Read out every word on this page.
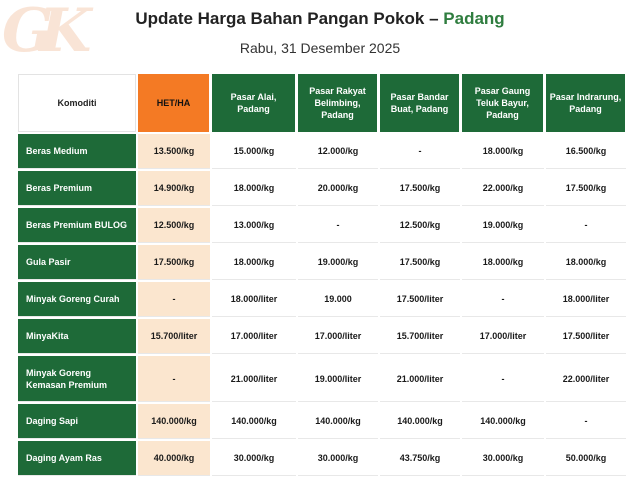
GK	Update Harga Bahan Pangan Pokok – Padang
Rabu, 31 Desember 2025
Komoditi	HET/HA	Pasar Alai, Padang	Pasar Rakyat Belimbing, Padang	Pasar Bandar Buat, Padang	Pasar Gaung Teluk Bayur, Padang	Pasar Indrarung, Padang
Beras Medium	13.500/kg	15.000/kg	12.000/kg	-	18.000/kg	16.500/kg
Beras Premium	14.900/kg	18.000/kg	20.000/kg	17.500/kg	22.000/kg	17.500/kg
Beras Premium BULOG	12.500/kg	13.000/kg	-	12.500/kg	19.000/kg	-
Gula Pasir	17.500/kg	18.000/kg	19.000/kg	17.500/kg	18.000/kg	18.000/kg
Minyak Goreng Curah	-	18.000/liter	19.000	17.500/liter	-	18.000/liter
MinyaKita	15.700/liter	17.000/liter	17.000/liter	15.700/liter	17.000/liter	17.500/liter
Minyak Goreng Kemasan Premium	-	21.000/liter	19.000/liter	21.000/liter	-	22.000/liter
Daging Sapi	140.000/kg	140.000/kg	140.000/kg	140.000/kg	140.000/kg	-
Daging Ayam Ras	40.000/kg	30.000/kg	30.000/kg	43.750/kg	30.000/kg	50.000/kg
